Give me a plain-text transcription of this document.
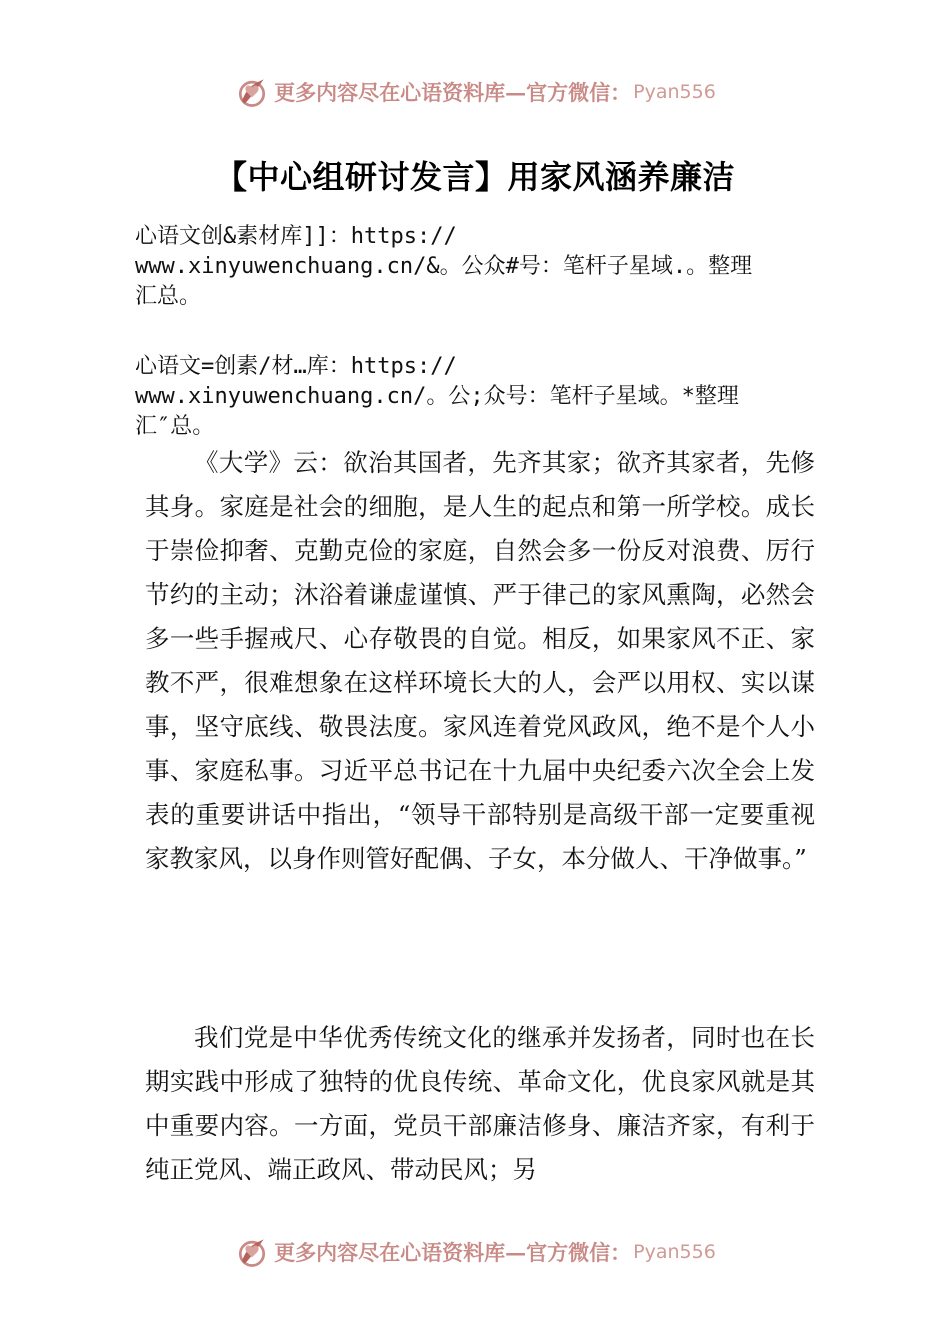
更多内容尽在心语资料库—官方微信： Pyan556
【中心组研讨发言】用家风涵养廉洁
心语文创&素材库]]：https://
www.xinyuwenchuang.cn/&。公众#号：笔杆子星域.。整理
汇总。
心语文=创素/材…库：https://
www.xinyuwenchuang.cn/。公;众号：笔杆子星域。*整理
汇″总。

《大学》云：欲治其国者，先齐其家；欲齐其家者，先修其身。家庭是社会的细胞，是人生的起点和第一所学校。成长于崇俭抑奢、克勤克俭的家庭，自然会多一份反对浪费、厉行节约的主动；沐浴着谦虚谨慎、严于律己的家风熏陶，必然会多一些手握戒尺、心存敬畏的自觉。相反，如果家风不正、家教不严，很难想象在这样环境长大的人，会严以用权、实以谋事，坚守底线、敬畏法度。家风连着党风政风，绝不是个人小事、家庭私事。习近平总书记在十九届中央纪委六次全会上发表的重要讲话中指出，“领导干部特别是高级干部一定要重视家教家风，以身作则管好配偶、子女，本分做人、干净做事。”

我们党是中华优秀传统文化的继承并发扬者，同时也在长期实践中形成了独特的优良传统、革命文化，优良家风就是其中重要内容。一方面，党员干部廉洁修身、廉洁齐家，有利于纯正党风、端正政风、带动民风；另

更多内容尽在心语资料库—官方微信： Pyan556
